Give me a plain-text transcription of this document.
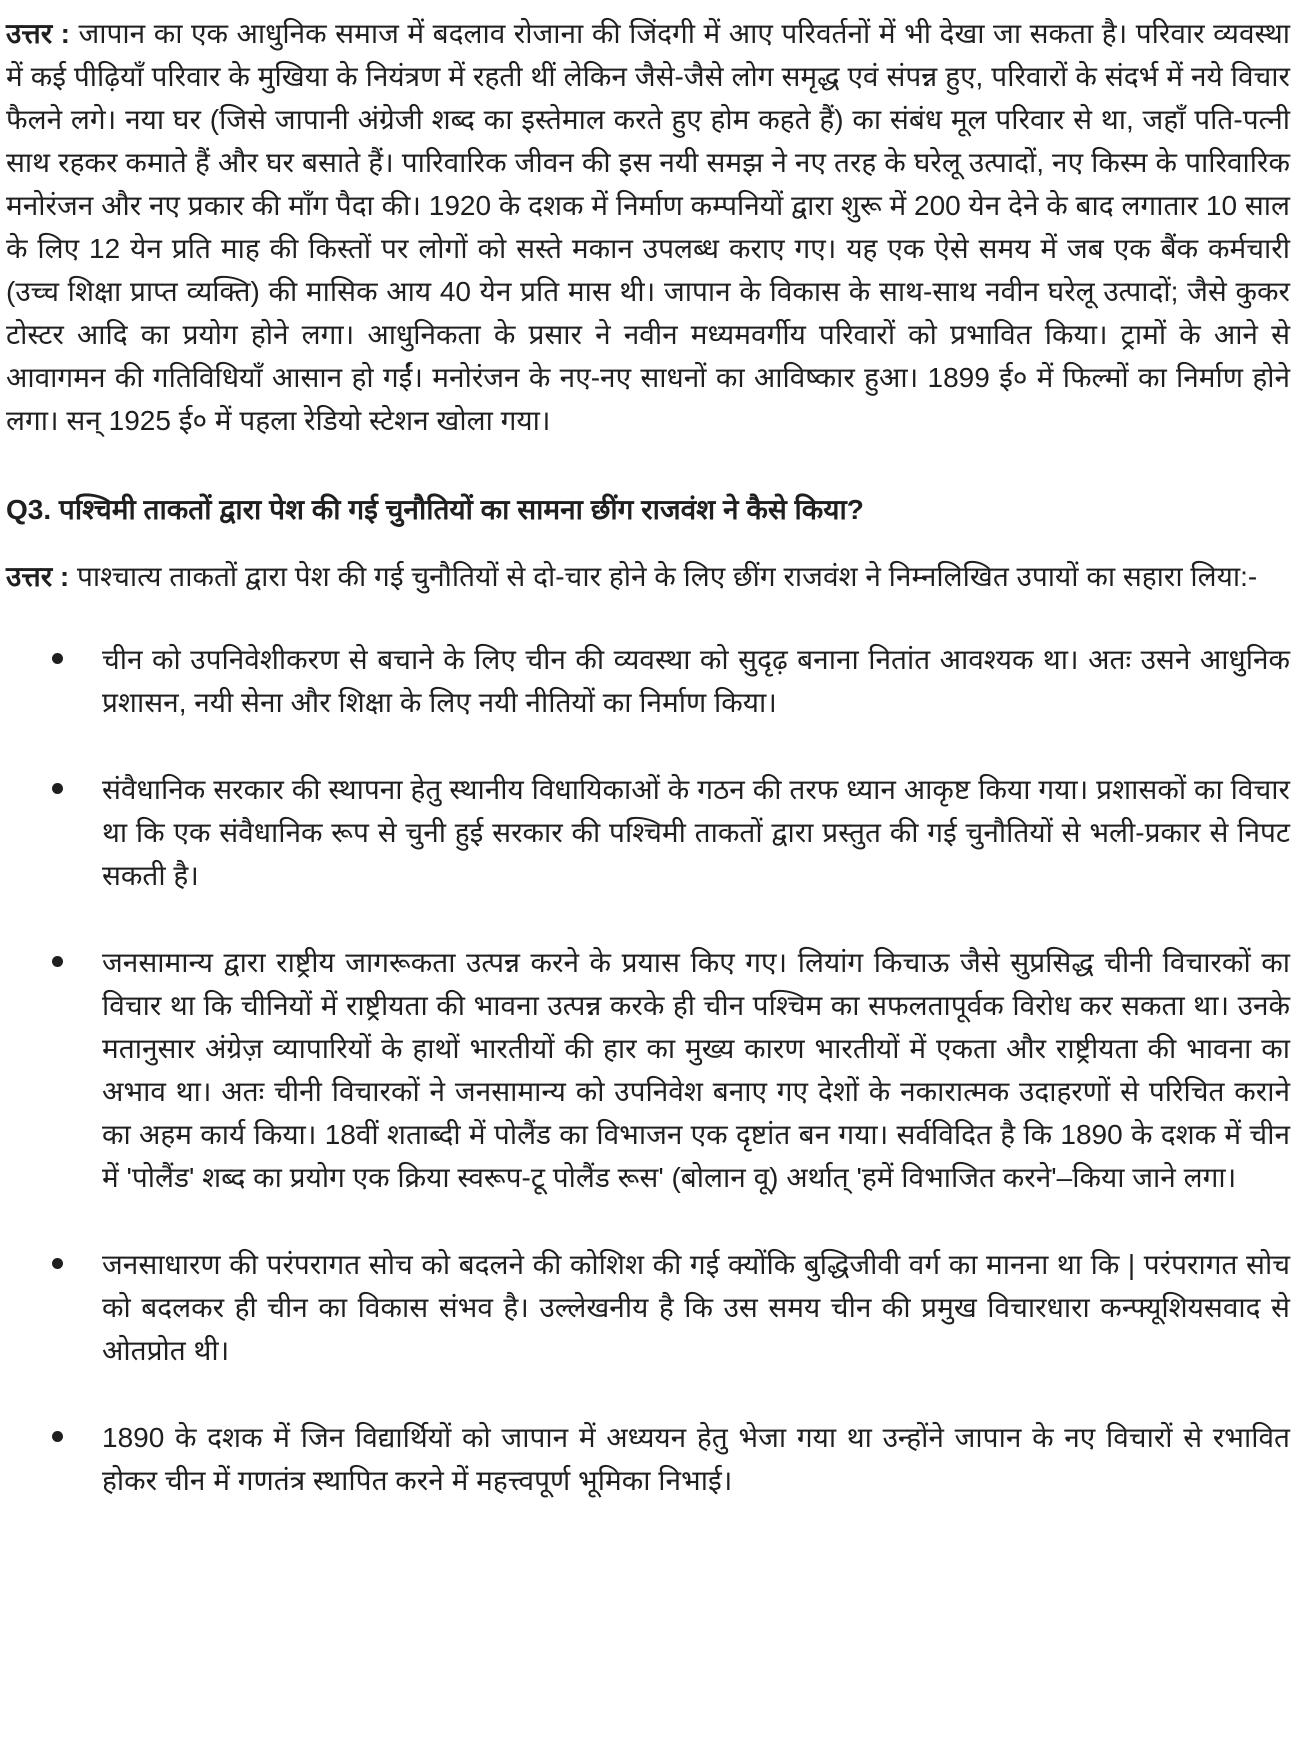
उत्तर : जापान का एक आधुनिक समाज में बदलाव रोजाना की जिंदगी में आए परिवर्तनों में भी देखा जा सकता है। परिवार व्यवस्था में कई पीढ़ियाँ परिवार के मुखिया के नियंत्रण में रहती थीं लेकिन जैसे-जैसे लोग समृद्ध एवं संपन्न हुए, परिवारों के संदर्भ में नये विचार फैलने लगे। नया घर (जिसे जापानी अंग्रेजी शब्द का इस्तेमाल करते हुए होम कहते हैं) का संबंध मूल परिवार से था, जहाँ पति-पत्नी साथ रहकर कमाते हैं और घर बसाते हैं। पारिवारिक जीवन की इस नयी समझ ने नए तरह के घरेलू उत्पादों, नए किस्म के पारिवारिक मनोरंजन और नए प्रकार की माँग पैदा की। 1920 के दशक में निर्माण कम्पनियों द्वारा शुरू में 200 येन देने के बाद लगातार 10 साल के लिए 12 येन प्रति माह की किस्तों पर लोगों को सस्ते मकान उपलब्ध कराए गए। यह एक ऐसे समय में जब एक बैंक कर्मचारी (उच्च शिक्षा प्राप्त व्यक्ति) की मासिक आय 40 येन प्रति मास थी। जापान के विकास के साथ-साथ नवीन घरेलू उत्पादों; जैसे कुकर टोस्टर आदि का प्रयोग होने लगा। आधुनिकता के प्रसार ने नवीन मध्यमवर्गीय परिवारों को प्रभावित किया। ट्रामों के आने से आवागमन की गतिविधियाँ आसान हो गईं। मनोरंजन के नए-नए साधनों का आविष्कार हुआ। 1899 ई० में फिल्मों का निर्माण होने लगा। सन् 1925 ई० में पहला रेडियो स्टेशन खोला गया।

Q3. पश्चिमी ताकतों द्वारा पेश की गई चुनौतियों का सामना छींग राजवंश ने कैसे किया?

उत्तर : पाश्चात्य ताकतों द्वारा पेश की गई चुनौतियों से दो-चार होने के लिए छींग राजवंश ने निम्नलिखित उपायों का सहारा लिया:-

चीन को उपनिवेशीकरण से बचाने के लिए चीन की व्यवस्था को सुदृढ़ बनाना नितांत आवश्यक था। अतः उसने आधुनिक प्रशासन, नयी सेना और शिक्षा के लिए नयी नीतियों का निर्माण किया।
संवैधानिक सरकार की स्थापना हेतु स्थानीय विधायिकाओं के गठन की तरफ ध्यान आकृष्ट किया गया। प्रशासकों का विचार था कि एक संवैधानिक रूप से चुनी हुई सरकार की पश्चिमी ताकतों द्वारा प्रस्तुत की गई चुनौतियों से भली-प्रकार से निपट सकती है।
जनसामान्य द्वारा राष्ट्रीय जागरूकता उत्पन्न करने के प्रयास किए गए। लियांग किचाऊ जैसे सुप्रसिद्ध चीनी विचारकों का विचार था कि चीनियों में राष्ट्रीयता की भावना उत्पन्न करके ही चीन पश्चिम का सफलतापूर्वक विरोध कर सकता था। उनके मतानुसार अंग्रेज़ व्यापारियों के हाथों भारतीयों की हार का मुख्य कारण भारतीयों में एकता और राष्ट्रीयता की भावना का अभाव था। अतः चीनी विचारकों ने जनसामान्य को उपनिवेश बनाए गए देशों के नकारात्मक उदाहरणों से परिचित कराने का अहम कार्य किया। 18वीं शताब्दी में पोलैंड का विभाजन एक दृष्टांत बन गया। सर्वविदित है कि 1890 के दशक में चीन में 'पोलैंड' शब्द का प्रयोग एक क्रिया स्वरूप-टू पोलैंड रूस' (बोलान वू) अर्थात् 'हमें विभाजित करने'–किया जाने लगा।
जनसाधारण की परंपरागत सोच को बदलने की कोशिश की गई क्योंकि बुद्धिजीवी वर्ग का मानना था कि | परंपरागत सोच को बदलकर ही चीन का विकास संभव है। उल्लेखनीय है कि उस समय चीन की प्रमुख विचारधारा कन्फ्यूशियसवाद से ओतप्रोत थी।
1890 के दशक में जिन विद्यार्थियों को जापान में अध्ययन हेतु भेजा गया था उन्होंने जापान के नए विचारों से रभावित होकर चीन में गणतंत्र स्थापित करने में महत्त्वपूर्ण भूमिका निभाई।
